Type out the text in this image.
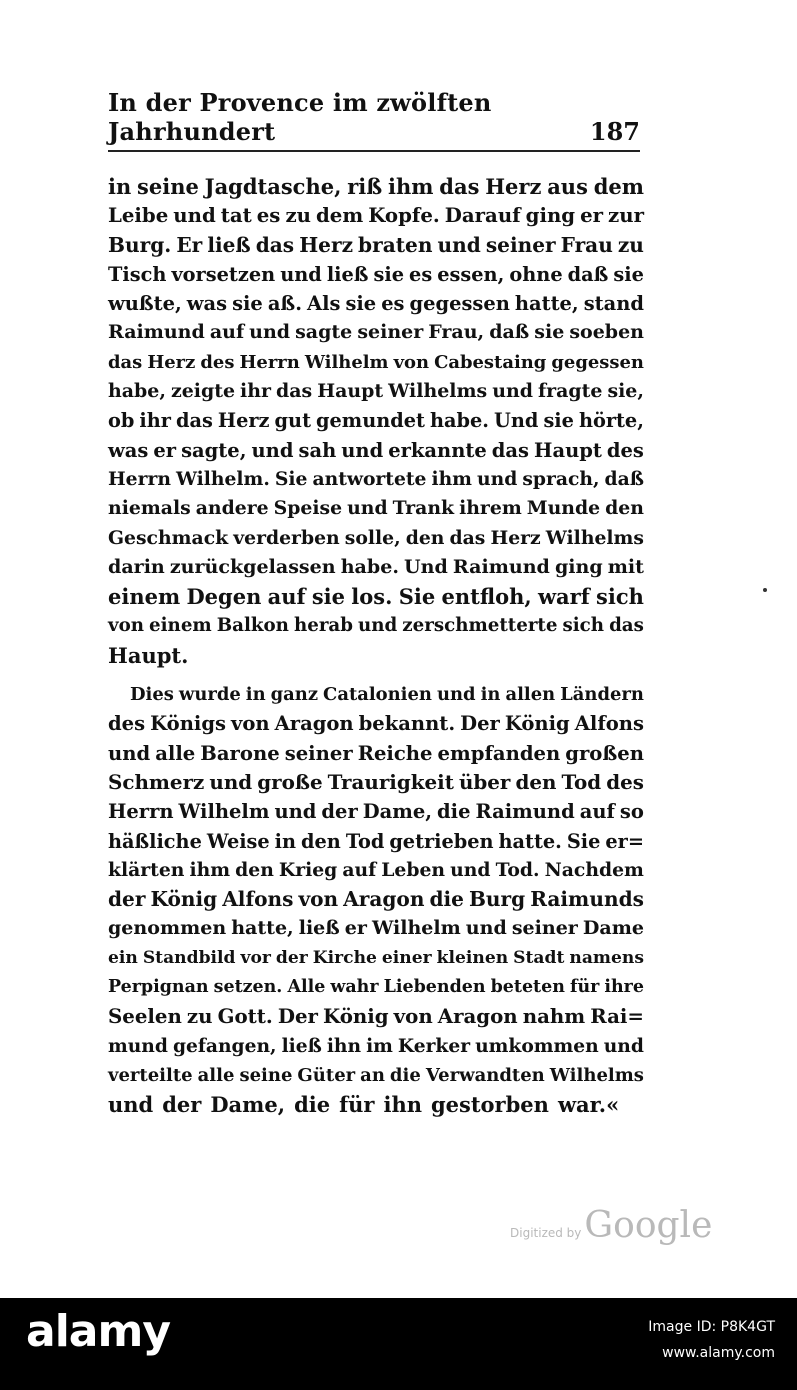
In der Provence im zwölften Jahrhundert	187
in seine Jagdtasche, riß ihm das Herz aus dem
Leibe und tat es zu dem Kopfe. Darauf ging er zur
Burg. Er ließ das Herz braten und seiner Frau zu
Tisch vorsetzen und ließ sie es essen, ohne daß sie
wußte, was sie aß. Als sie es gegessen hatte, stand
Raimund auf und sagte seiner Frau, daß sie soeben
das Herz des Herrn Wilhelm von Cabestaing gegessen
habe, zeigte ihr das Haupt Wilhelms und fragte sie,
ob ihr das Herz gut gemundet habe. Und sie hörte,
was er sagte, und sah und erkannte das Haupt des
Herrn Wilhelm. Sie antwortete ihm und sprach, daß
niemals andere Speise und Trank ihrem Munde den
Geschmack verderben solle, den das Herz Wilhelms
darin zurückgelassen habe. Und Raimund ging mit
einem Degen auf sie los. Sie entfloh, warf sich
von einem Balkon herab und zerschmetterte sich das
Haupt.
Dies wurde in ganz Catalonien und in allen Ländern
des Königs von Aragon bekannt. Der König Alfons
und alle Barone seiner Reiche empfanden großen
Schmerz und große Traurigkeit über den Tod des
Herrn Wilhelm und der Dame, die Raimund auf so
häßliche Weise in den Tod getrieben hatte. Sie er=
klärten ihm den Krieg auf Leben und Tod. Nachdem
der König Alfons von Aragon die Burg Raimunds
genommen hatte, ließ er Wilhelm und seiner Dame
ein Standbild vor der Kirche einer kleinen Stadt namens
Perpignan setzen. Alle wahr Liebenden beteten für ihre
Seelen zu Gott. Der König von Aragon nahm Rai=
mund gefangen, ließ ihn im Kerker umkommen und
verteilte alle seine Güter an die Verwandten Wilhelms
und der Dame, die für ihn gestorben war.«
Digitized by Google
alamy	Image ID: P8K4GT
www.alamy.com
